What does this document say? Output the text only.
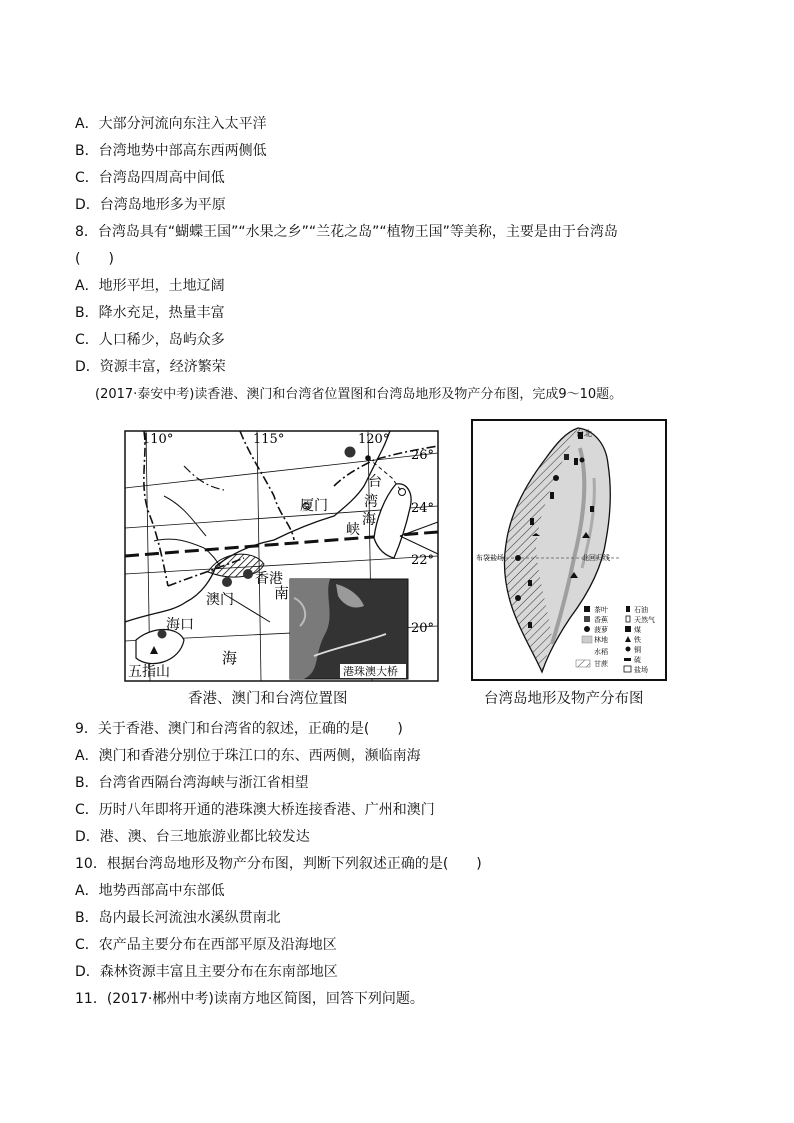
A．大部分河流向东注入太平洋
B．台湾地势中部高东西两侧低
C．台湾岛四周高中间低
D．台湾岛地形多为平原
8．台湾岛具有“蝴蝶王国”“水果之乡”“兰花之岛”“植物王国”等美称，主要是由于台湾岛
(　　)
A．地形平坦，土地辽阔
B．降水充足，热量丰富
C．人口稀少，岛屿众多
D．资源丰富，经济繁荣
(2017·泰安中考)读香港、澳门和台湾省位置图和台湾岛地形及物产分布图，完成9～10题。
110°	115°	120°
26°
24°
22°
20°
厦门
台
湾
海
峡
香港
澳门	南
海口
海
五指山	港珠澳大桥
茶叶
香蕉
菠萝
林地
水稻
甘蔗
石油
天然气
煤
铁
铜
硫
盐场
台北
布袋盐场	北回归线
香港、澳门和台湾位置图	台湾岛地形及物产分布图
9．关于香港、澳门和台湾省的叙述，正确的是(　　)
A．澳门和香港分别位于珠江口的东、西两侧，濒临南海
B．台湾省西隔台湾海峡与浙江省相望
C．历时八年即将开通的港珠澳大桥连接香港、广州和澳门
D．港、澳、台三地旅游业都比较发达
10．根据台湾岛地形及物产分布图，判断下列叙述正确的是(　　)
A．地势西部高中东部低
B．岛内最长河流浊水溪纵贯南北
C．农产品主要分布在西部平原及沿海地区
D．森林资源丰富且主要分布在东南部地区
11．(2017·郴州中考)读南方地区简图，回答下列问题。
